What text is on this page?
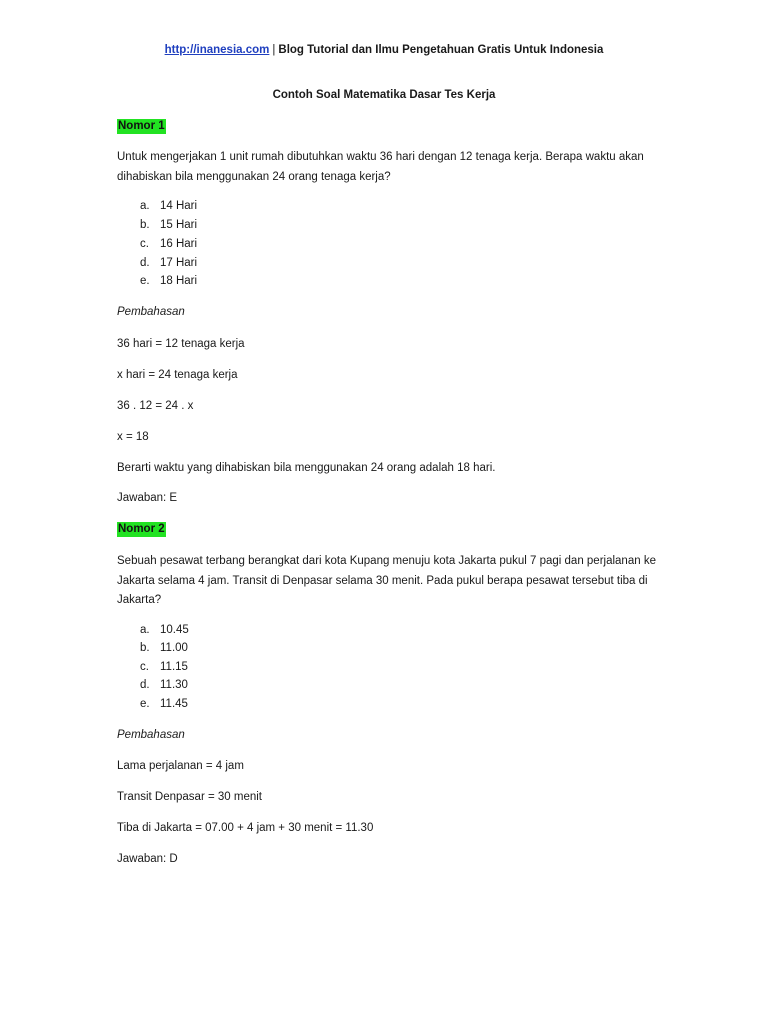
http://inanesia.com | Blog Tutorial dan Ilmu Pengetahuan Gratis Untuk Indonesia
Contoh Soal Matematika Dasar Tes Kerja
Nomor 1
Untuk mengerjakan 1 unit rumah dibutuhkan waktu 36 hari dengan 12 tenaga kerja. Berapa waktu akan dihabiskan bila menggunakan 24 orang tenaga kerja?
a. 14 Hari
b. 15 Hari
c. 16 Hari
d. 17 Hari
e. 18 Hari
Pembahasan
36 hari = 12 tenaga kerja
x hari = 24 tenaga kerja
36 . 12 = 24 . x
x = 18
Berarti waktu yang dihabiskan bila menggunakan 24 orang adalah 18 hari.
Jawaban: E
Nomor 2
Sebuah pesawat terbang berangkat dari kota Kupang menuju kota Jakarta pukul 7 pagi dan perjalanan ke Jakarta selama 4 jam. Transit di Denpasar selama 30 menit. Pada pukul berapa pesawat tersebut tiba di Jakarta?
a. 10.45
b. 11.00
c. 11.15
d. 11.30
e. 11.45
Pembahasan
Lama perjalanan = 4 jam
Transit Denpasar = 30 menit
Tiba di Jakarta = 07.00 + 4 jam + 30 menit = 11.30
Jawaban: D
